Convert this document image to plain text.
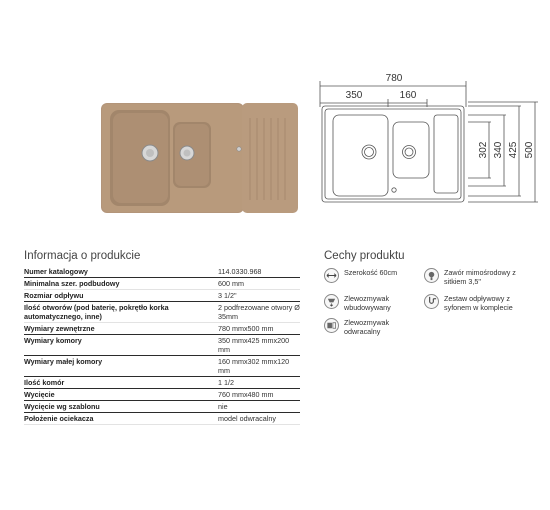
780
350	160
302 340 425 500
Informacja o produkcie
Numer katalogowy	114.0330.968
Minimalna szer. podbudowy	600 mm
Rozmiar odpływu	3 1/2"
Ilość otworów (pod baterię, pokrętło korka automatycznego, inne)	2 podfrezowane otwory Ø 35mm
Wymiary zewnętrzne	780 mmx500 mm
Wymiary komory	350 mmx425 mmx200 mm
Wymiary małej komory	160 mmx302 mmx120 mm
Ilość komór	1 1/2
Wycięcie	760 mmx480 mm
Wycięcie wg szablonu	nie
Położenie ociekacza	model odwracalny
Cechy produktu
Szerokość 60cm	Zawór mimośrodowy z sitkiem 3,5"
Zlewozmywak wbudowywany
Zestaw odpływowy z syfonem w komplecie
Zlewozmywak odwracalny
